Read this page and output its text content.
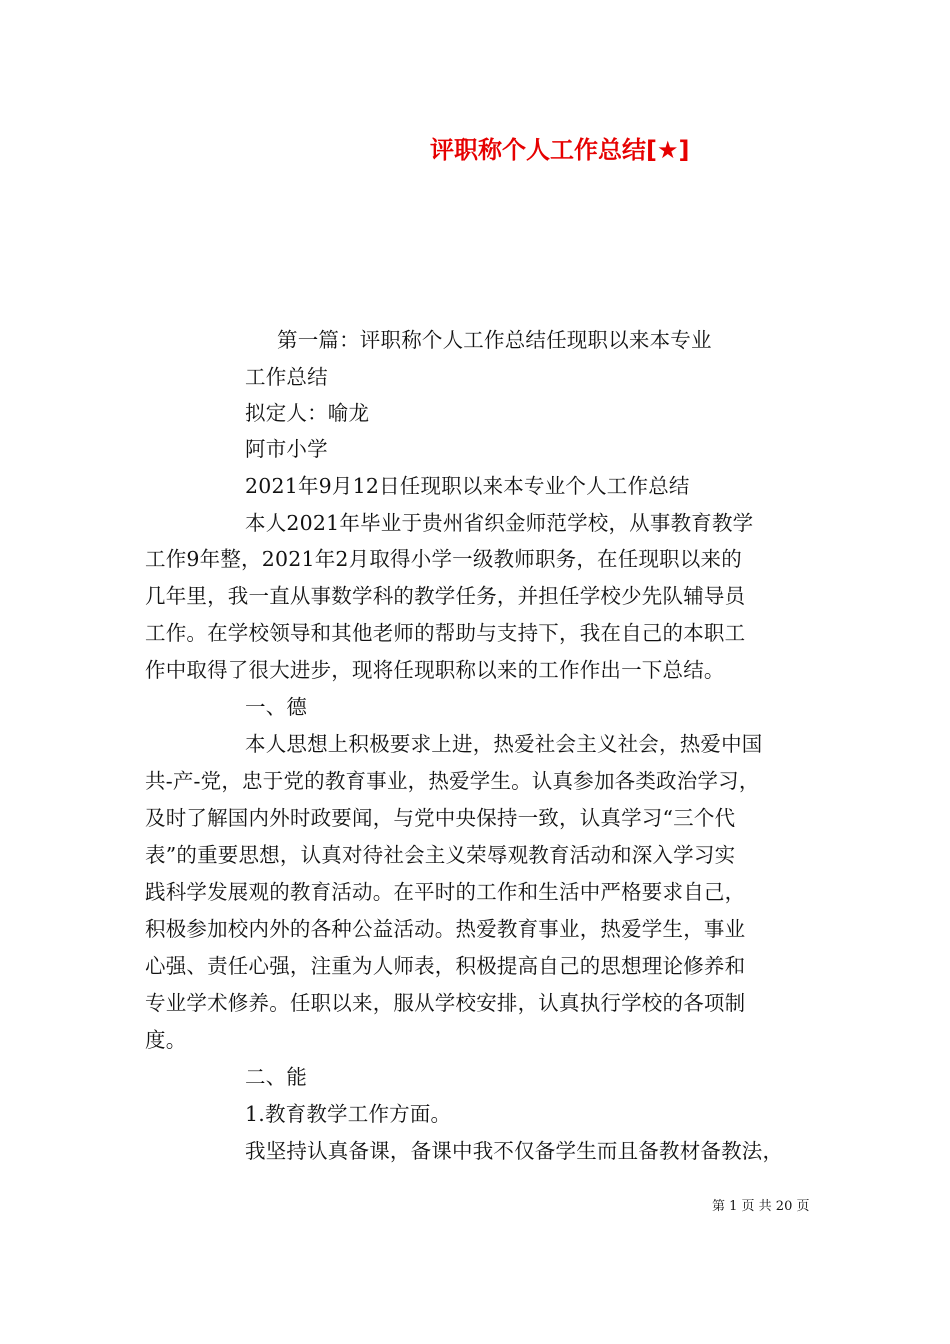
评职称个人工作总结[★]
第一篇：评职称个人工作总结任现职以来本专业
工作总结
拟定人：喻龙
阿市小学
2021年9月12日任现职以来本专业个人工作总结
本人2021年毕业于贵州省织金师范学校，从事教育教学
工作9年整，2021年2月取得小学一级教师职务，在任现职以来的
几年里，我一直从事数学科的教学任务，并担任学校少先队辅导员
工作。在学校领导和其他老师的帮助与支持下，我在自己的本职工
作中取得了很大进步，现将任现职称以来的工作作出一下总结。
一、德
本人思想上积极要求上进，热爱社会主义社会，热爱中国
共-产-党，忠于党的教育事业，热爱学生。认真参加各类政治学习，
及时了解国内外时政要闻，与党中央保持一致，认真学习“三个代
表”的重要思想，认真对待社会主义荣辱观教育活动和深入学习实
践科学发展观的教育活动。在平时的工作和生活中严格要求自己，
积极参加校内外的各种公益活动。热爱教育事业，热爱学生，事业
心强、责任心强，注重为人师表，积极提高自己的思想理论修养和
专业学术修养。任职以来，服从学校安排，认真执行学校的各项制
度。
二、能
1.教育教学工作方面。
我坚持认真备课，备课中我不仅备学生而且备教材备教法，
第 1 页 共 20 页
